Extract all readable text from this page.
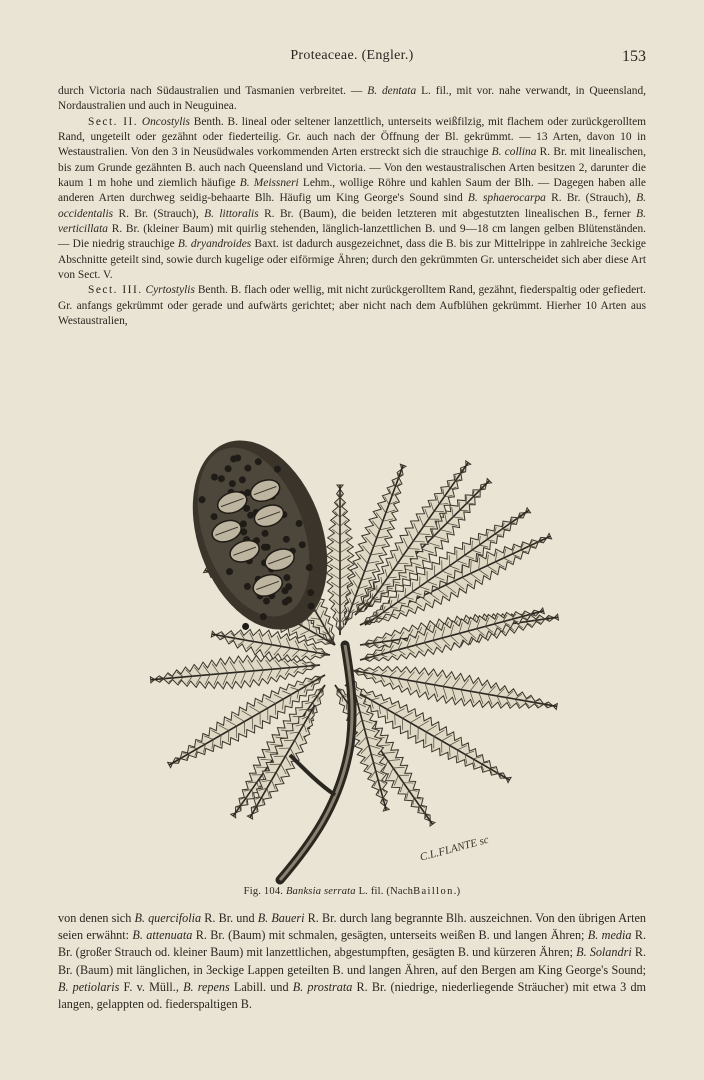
Proteaceae. (Engler.)	153

durch Victoria nach Südaustralien und Tasmanien verbreitet. — B. dentata L. fil., mit vor. nahe verwandt, in Queensland, Nordaustralien und auch in Neuguinea.

Sect. II. Oncostylis Benth. B. lineal oder seltener lanzettlich, unterseits weißfilzig, mit flachem oder zurückgerolltem Rand, ungeteilt oder gezähnt oder fiederteilig. Gr. auch nach der Öffnung der Bl. gekrümmt. — 13 Arten, davon 10 in Westaustralien. Von den 3 in Neusüdwales vorkommenden Arten erstreckt sich die strauchige B. collina R. Br. mit linealischen, bis zum Grunde gezähnten B. auch nach Queensland und Victoria. — Von den westaustralischen Arten besitzen 2, darunter die kaum 1 m hohe und ziemlich häufige B. Meissneri Lehm., wollige Röhre und kahlen Saum der Blh. — Dagegen haben alle anderen Arten durchweg seidig-behaarte Blh. Häufig um King George's Sound sind B. sphaerocarpa R. Br. (Strauch), B. occidentalis R. Br. (Strauch), B. littoralis R. Br. (Baum), die beiden letzteren mit abgestutzten linealischen B., ferner B. verticillata R. Br. (kleiner Baum) mit quirlig stehenden, länglich-lanzettlichen B. und 9—18 cm langen gelben Blütenständen. — Die niedrig strauchige B. dryandroides Baxt. ist dadurch ausgezeichnet, dass die B. bis zur Mittelrippe in zahlreiche 3eckige Abschnitte geteilt sind, sowie durch kugelige oder eiförmige Ähren; durch den gekrümmten Gr. unterscheidet sich aber diese Art von Sect. V.

Sect. III. Cyrtostylis Benth. B. flach oder wellig, mit nicht zurückgerolltem Rand, gezähnt, fiederspaltig oder gefiedert. Gr. anfangs gekrümmt oder gerade und aufwärts gerichtet; aber nicht nach dem Aufblühen gekrümmt. Hierher 10 Arten aus Westaustralien,

C.L.FLANTE sc
Fig. 104. Banksia serrata L. fil. (NachBaillon.)

von denen sich B. quercifolia R. Br. und B. Baueri R. Br. durch lang begrannte Blh. auszeichnen. Von den übrigen Arten seien erwähnt: B. attenuata R. Br. (Baum) mit schmalen, gesägten, unterseits weißen B. und langen Ähren; B. media R. Br. (großer Strauch od. kleiner Baum) mit lanzettlichen, abgestumpften, gesägten B. und kürzeren Ähren; B. Solandri R. Br. (Baum) mit länglichen, in 3eckige Lappen geteilten B. und langen Ähren, auf den Bergen am King George's Sound; B. petiolaris F. v. Müll., B. repens Labill. und B. prostrata R. Br. (niedrige, niederliegende Sträucher) mit etwa 3 dm langen, gelappten od. fiederspaltigen B.
